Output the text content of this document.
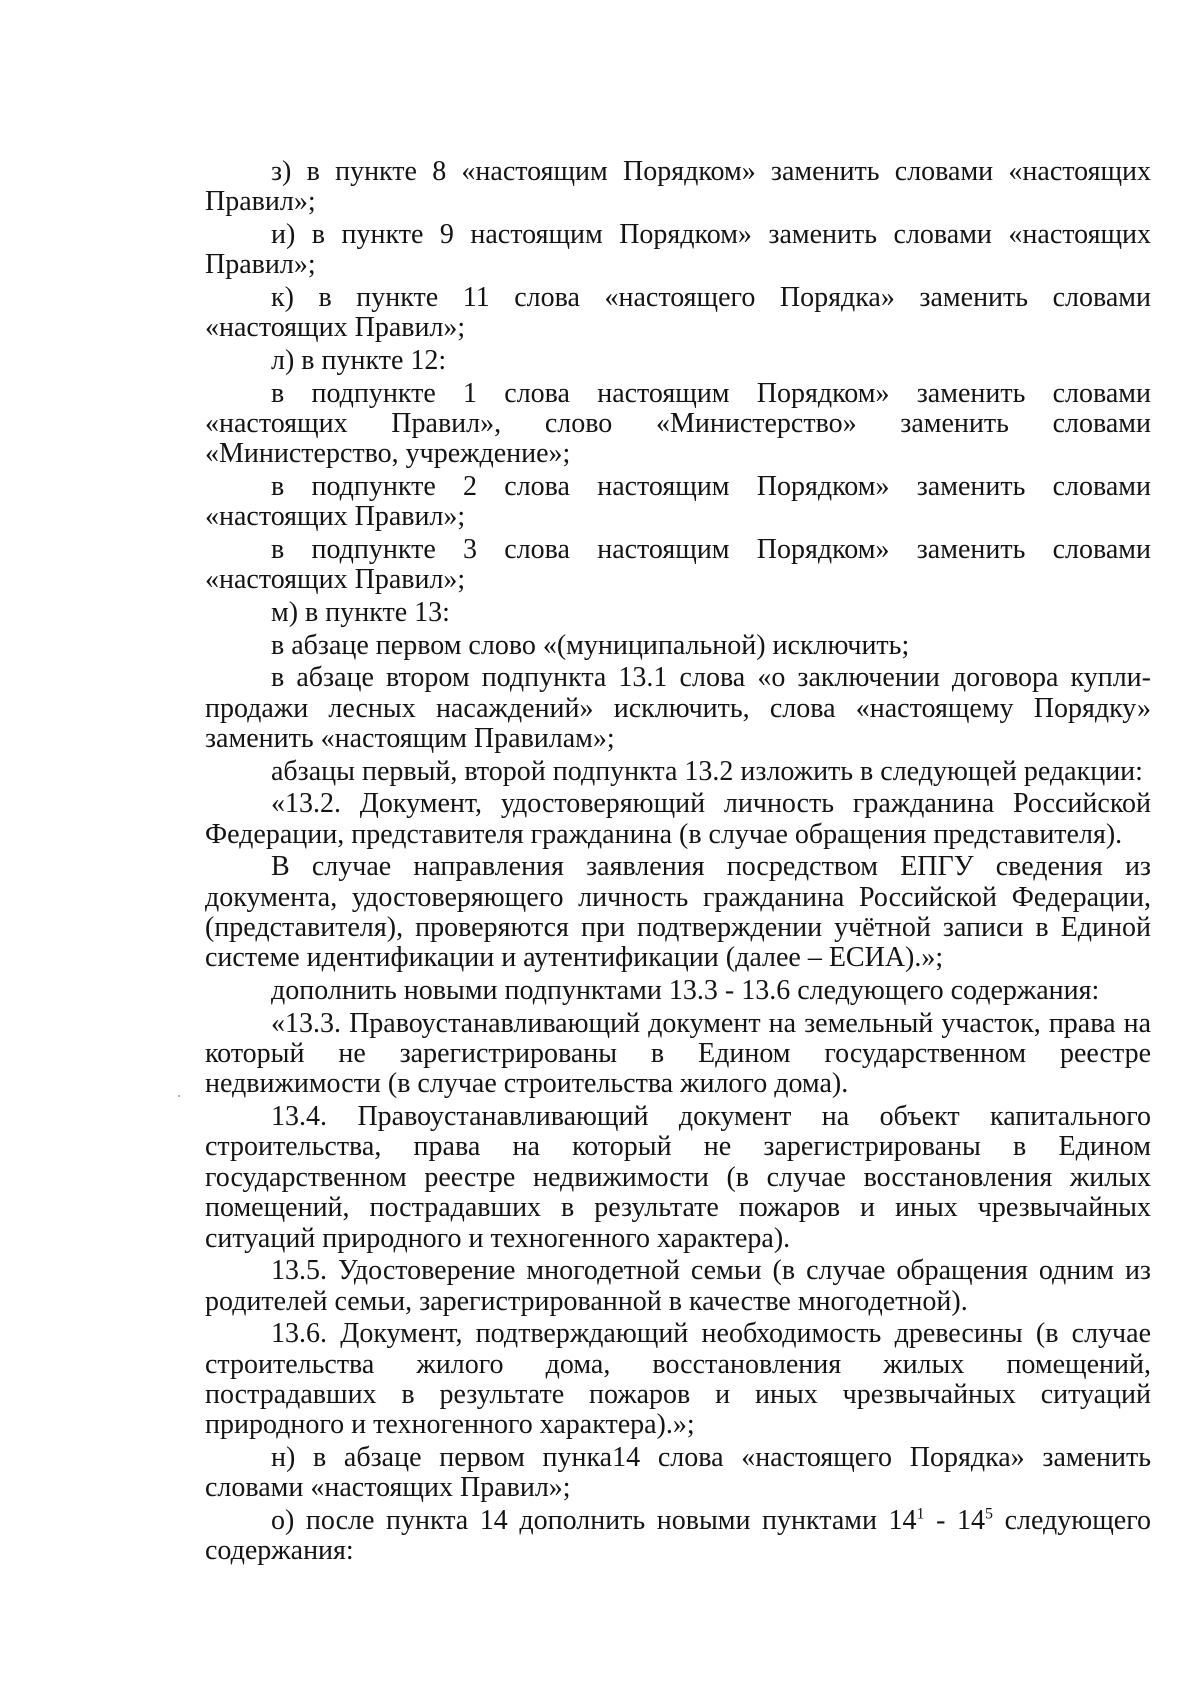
з) в пункте 8 «настоящим Порядком» заменить словами «настоящих Правил»;

и) в пункте 9 настоящим Порядком» заменить словами «настоящих Правил»;

к) в пункте 11 слова «настоящего Порядка» заменить словами «настоящих Правил»;

л) в пункте 12:

в подпункте 1 слова настоящим Порядком» заменить словами «настоящих Правил», слово «Министерство» заменить словами «Министерство, учреждение»;

в подпункте 2 слова настоящим Порядком» заменить словами «настоящих Правил»;

в подпункте 3 слова настоящим Порядком» заменить словами «настоящих Правил»;

м) в пункте 13:

в абзаце первом слово «(муниципальной) исключить;

в абзаце втором подпункта 13.1 слова «о заключении договора купли-продажи лесных насаждений» исключить, слова «настоящему Порядку» заменить «настоящим Правилам»;

абзацы первый, второй подпункта 13.2 изложить в следующей редакции:

«13.2. Документ, удостоверяющий личность гражданина Российской Федерации, представителя гражданина (в случае обращения представителя).

В случае направления заявления посредством ЕПГУ сведения из документа, удостоверяющего личность гражданина Российской Федерации, (представителя), проверяются при подтверждении учётной записи в Единой системе идентификации и аутентификации (далее – ЕСИА).»;

дополнить новыми подпунктами 13.3 - 13.6 следующего содержания:

«13.3. Правоустанавливающий документ на земельный участок, права на который не зарегистрированы в Едином государственном реестре недвижимости (в случае строительства жилого дома).

13.4. Правоустанавливающий документ на объект капитального строительства, права на который не зарегистрированы в Едином государственном реестре недвижимости (в случае восстановления жилых помещений, пострадавших в результате пожаров и иных чрезвычайных ситуаций природного и техногенного характера).

13.5. Удостоверение многодетной семьи (в случае обращения одним из родителей семьи, зарегистрированной в качестве многодетной).

13.6. Документ, подтверждающий необходимость древесины (в случае строительства жилого дома, восстановления жилых помещений, пострадавших в результате пожаров и иных чрезвычайных ситуаций природного и техногенного характера).»;

н) в абзаце первом пунка14 слова «настоящего Порядка» заменить словами «настоящих Правил»;

о) после пункта 14 дополнить новыми пунктами $14^1 - 14^5$ следующего содержания:
